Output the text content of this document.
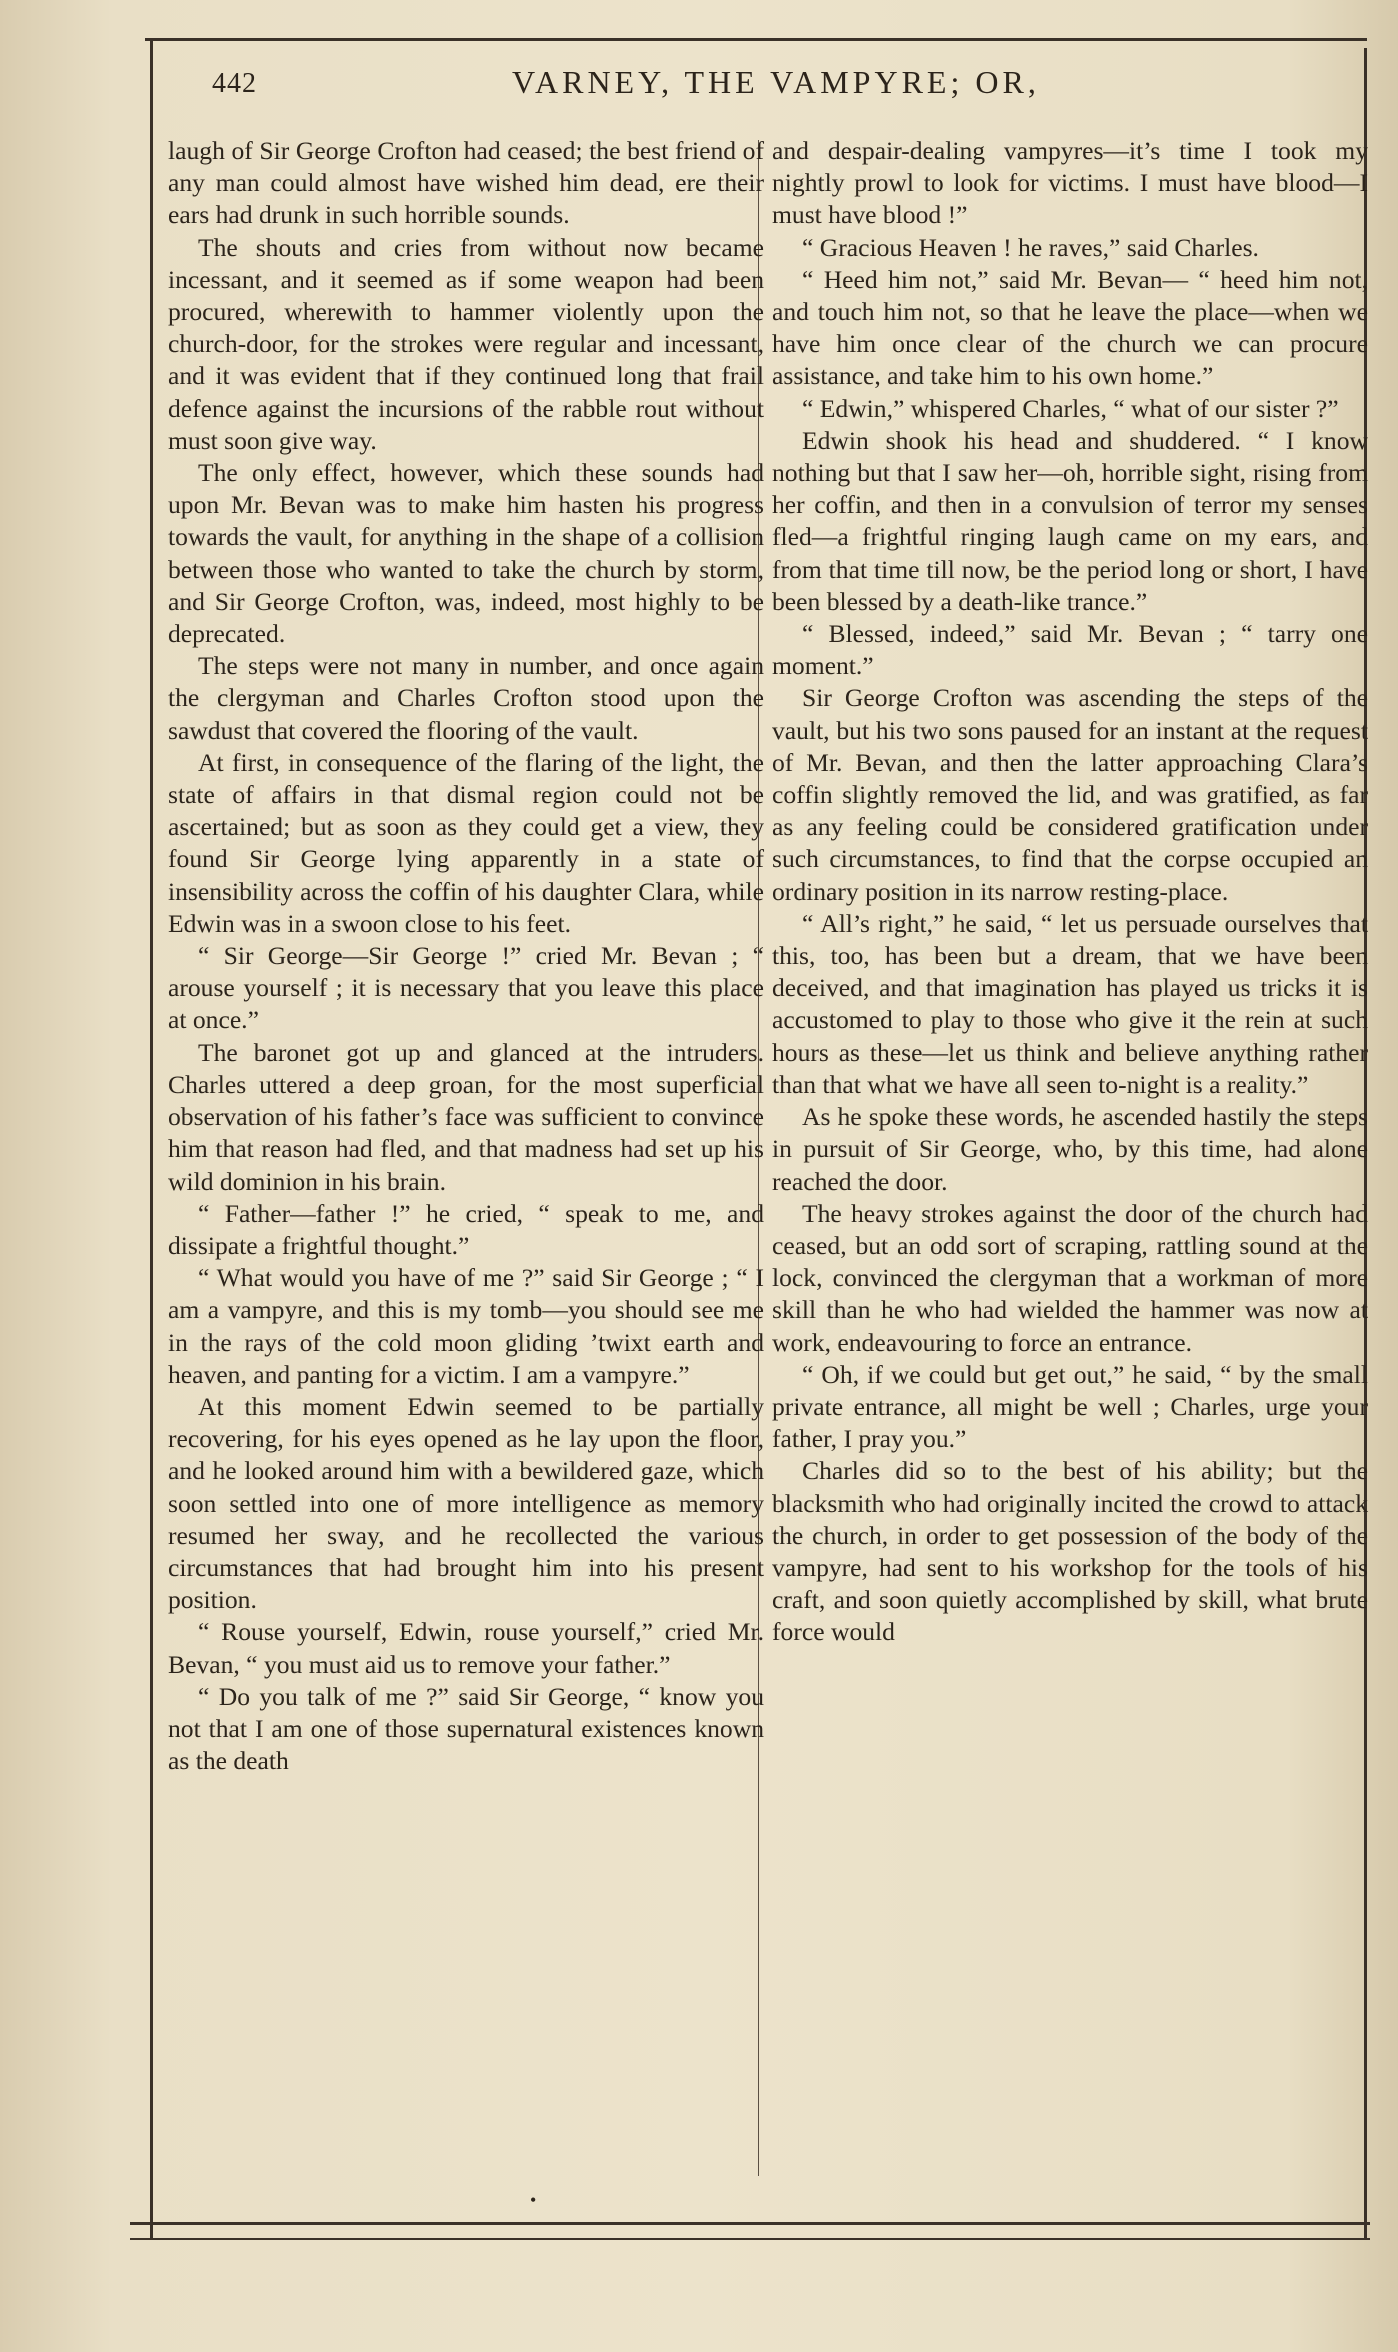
442	VARNEY, THE VAMPYRE; OR,

laugh of Sir George Crofton had ceased; the best friend of any man could almost have wished him dead, ere their ears had drunk in such horrible sounds.

The shouts and cries from without now became incessant, and it seemed as if some weapon had been procured, wherewith to hammer violently upon the church-door, for the strokes were regular and incessant, and it was evident that if they continued long that frail defence against the incursions of the rabble rout without must soon give way.

The only effect, however, which these sounds had upon Mr. Bevan was to make him hasten his progress towards the vault, for anything in the shape of a collision between those who wanted to take the church by storm, and Sir George Crofton, was, indeed, most highly to be deprecated.

The steps were not many in number, and once again the clergyman and Charles Crofton stood upon the sawdust that covered the flooring of the vault.

At first, in consequence of the flaring of the light, the state of affairs in that dismal region could not be ascertained; but as soon as they could get a view, they found Sir George lying apparently in a state of insensibility across the coffin of his daughter Clara, while Edwin was in a swoon close to his feet.

“ Sir George—Sir George !” cried Mr. Bevan ; “ arouse yourself ; it is necessary that you leave this place at once.”

The baronet got up and glanced at the intruders. Charles uttered a deep groan, for the most superficial observation of his father’s face was sufficient to convince him that reason had fled, and that madness had set up his wild dominion in his brain.

“ Father—father !” he cried, “ speak to me, and dissipate a frightful thought.”

“ What would you have of me ?” said Sir George ; “ I am a vampyre, and this is my tomb—you should see me in the rays of the cold moon gliding ’twixt earth and heaven, and panting for a victim. I am a vampyre.”

At this moment Edwin seemed to be partially recovering, for his eyes opened as he lay upon the floor, and he looked around him with a bewildered gaze, which soon settled into one of more intelligence as memory resumed her sway, and he recollected the various circumstances that had brought him into his present position.

“ Rouse yourself, Edwin, rouse yourself,” cried Mr. Bevan, “ you must aid us to remove your father.”

“ Do you talk of me ?” said Sir George, “ know you not that I am one of those supernatural existences known as the death

and despair-dealing vampyres—it’s time I took my nightly prowl to look for victims. I must have blood—I must have blood !”

“ Gracious Heaven ! he raves,” said Charles.

“ Heed him not,” said Mr. Bevan— “ heed him not, and touch him not, so that he leave the place—when we have him once clear of the church we can procure assistance, and take him to his own home.”

“ Edwin,” whispered Charles, “ what of our sister ?”

Edwin shook his head and shuddered. “ I know nothing but that I saw her—oh, horrible sight, rising from her coffin, and then in a convulsion of terror my senses fled—a frightful ringing laugh came on my ears, and from that time till now, be the period long or short, I have been blessed by a death-like trance.”

“ Blessed, indeed,” said Mr. Bevan ; “ tarry one moment.”

Sir George Crofton was ascending the steps of the vault, but his two sons paused for an instant at the request of Mr. Bevan, and then the latter approaching Clara’s coffin slightly removed the lid, and was gratified, as far as any feeling could be considered gratification under such circumstances, to find that the corpse occupied an ordinary position in its narrow resting-place.

“ All’s right,” he said, “ let us persuade ourselves that this, too, has been but a dream, that we have been deceived, and that imagination has played us tricks it is accustomed to play to those who give it the rein at such hours as these—let us think and believe anything rather than that what we have all seen to-night is a reality.”

As he spoke these words, he ascended hastily the steps in pursuit of Sir George, who, by this time, had alone reached the door.

The heavy strokes against the door of the church had ceased, but an odd sort of scraping, rattling sound at the lock, convinced the clergyman that a workman of more skill than he who had wielded the hammer was now at work, endeavouring to force an entrance.

“ Oh, if we could but get out,” he said, “ by the small private entrance, all might be well ; Charles, urge your father, I pray you.”

Charles did so to the best of his ability; but the blacksmith who had originally incited the crowd to attack the church, in order to get possession of the body of the vampyre, had sent to his workshop for the tools of his craft, and soon quietly accomplished by skill, what brute force would

•
